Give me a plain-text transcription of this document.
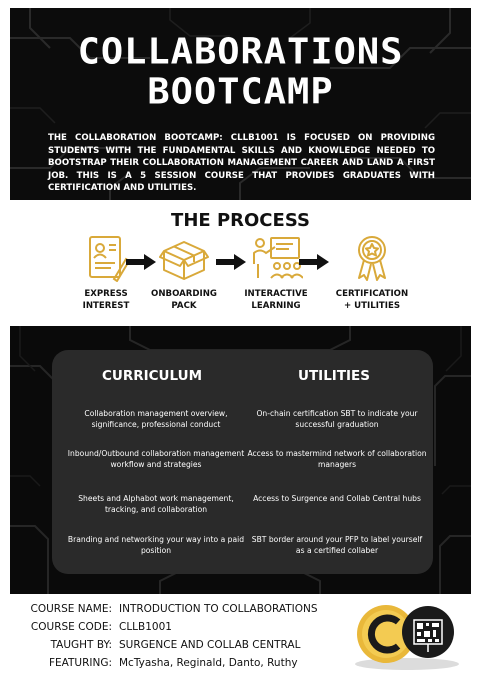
COLLABORATIONS
BOOTCAMP
THE COLLABORATION BOOTCAMP: CLLB1001 IS FOCUSED ON PROVIDING STUDENTS WITH THE FUNDAMENTAL SKILLS AND KNOWLEDGE NEEDED TO BOOTSTRAP THEIR COLLABORATION MANAGEMENT CAREER AND LAND A FIRST JOB. THIS IS A 5 SESSION COURSE THAT PROVIDES GRADUATES WITH CERTIFICATION AND UTILITIES.
THE PROCESS
EXPRESS
INTEREST
ONBOARDING
PACK
INTERACTIVE
LEARNING
CERTIFICATION
+ UTILITIES
CURRICULUM	UTILITIES
Collaboration management overview, significance, professional conduct
Inbound/Outbound collaboration management workflow and strategies
Sheets and Alphabot work management, tracking, and collaboration
Branding and networking your way into a paid position
On-chain certification SBT to indicate your successful graduation
Access to mastermind network of collaboration managers
Access to Surgence and Collab Central hubs
SBT border around your PFP to label yourself as a certified collaber
COURSE NAME: INTRODUCTION TO COLLABORATIONS
COURSE CODE: CLLB1001
TAUGHT BY: SURGENCE AND COLLAB CENTRAL
FEATURING: McTyasha, Reginald, Danto, Ruthy
